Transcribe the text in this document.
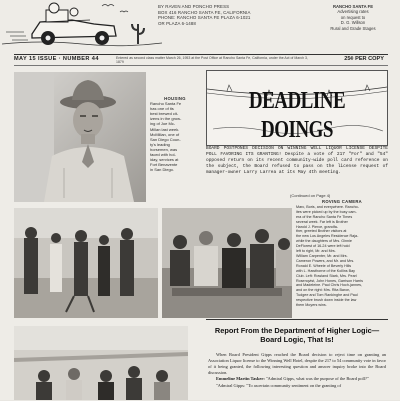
BY RAVEN AND PONCHO PRESS
BOX 416 RANCHO SANTA FE, CALIFORNIA
PHONE: RANCHO SANTA FE PLAZA 6-1021
OR PLAZA 6-1488
RANCHO SANTA FE
Advertising rates
on request to
D. G. Willson
Rural and Grade Stages
MAY 15 ISSUE · NUMBER 44	Entered as second class matter March 26, 1953 at the Post Office at Rancho Santa Fe, California, under the Act of March 3, 1879	25¢ PER COPY
HOUSING
Rancho Santa Fe
has one of its
best brewed cit-
izens in the grow-
ing of Joe Mc-
Millan last week.
McMillan, one of
San Diego Coun-
ty's leading
horsemen, was
faced with hol-
iday, services at
Fort Benavente
in San Diego.
DEADLINE DOINGS
BOARD POSTPONES DECISION ON WINNING WELL LIQUOR LICENSE DESPITE POLL FAVORING ITS GRANTING! Despite a vote of 217 "For" and "54" opposed return on its recent community-wide poll card reference on the subject, the Board refused to pass on the license request of manager-owner Larry Larrea at its May 4th meeting.
(Continued on Page 4)
ROVING CAMERA
Marc, Boris, and everywhere. Rancho-
ites were picked up by the busy cam-
era of the Rancho Santa Fe Times
several week. Far left is Brother
Harold J. Pierce, grandfa-
ther, greeted Brother visitors at
the new Los Angeles Residence Raja-
while the daughters of Mrs. Ginnie
DeFlorest of 16-24 were left hold
left to right, Mr. and Mrs.
William Carpenter, Mr. and Mrs.
Cameron Powers, and Mr. and Mrs.
Ronald E. Wheele of Beverly Hills
with L. Hawthorne of the Kollins Bay
Club. Left: Rowland Stark, Mrs. Pearl
Rosenqvist, John Hones, Garrison Harris
and Madeleine. Paul Chris Hoch-jannes,
and on the right: Mrs. Rita Baron,
Tudgee and Tom Rankinghe and Paul
respective brush down inside the law
them Moyers wins.
Report From the Department of Higher Logic— Board Logic, That Is!

When Board President Gipps reached the Board decision to reject time on granting an Association Liquor license to the Winning Well Hotel, despite the 217 to 54 community vote in favor of it being granted, the following interesting question and answer inquiry broke into the Board discussion.

Emmeline Martin Tasker: "Admiral Gipps, what was the purpose of the Board poll?"

"Admiral Gipps: "To ascertain community sentiment on the granting of
